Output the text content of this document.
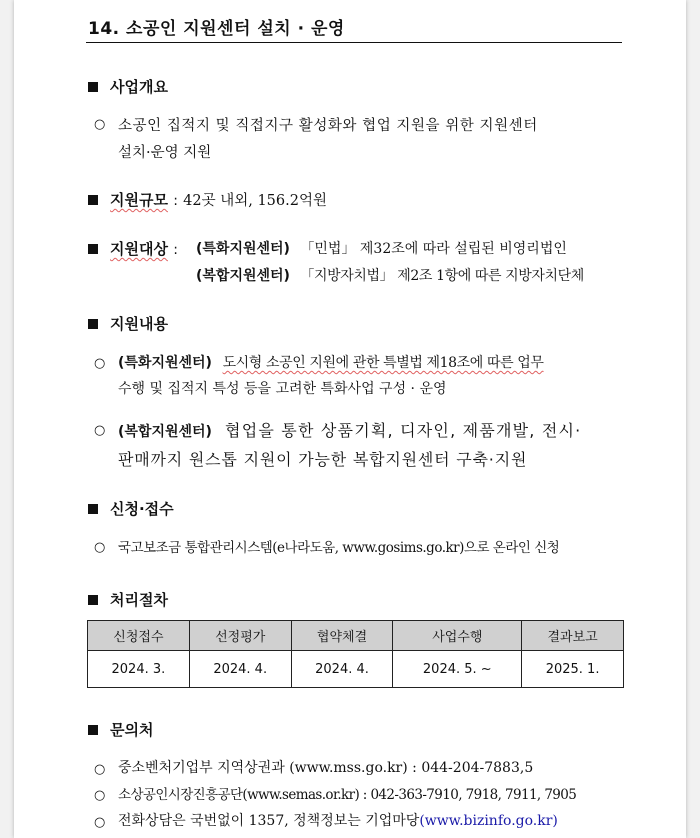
14. 소공인 지원센터 설치 · 운영
사업개요
○ 소공인 집적지 및 직접지구 활성화와 협업 지원을 위한 지원센터
설치·운영 지원
지원규모 : 42곳 내외, 156.2억원
지원대상 : (특화지원센터) 「민법」 제32조에 따라 설립된 비영리법인
(복합지원센터) 「지방자치법」 제2조 1항에 따른 지방자치단체
지원내용
○ (특화지원센터) 도시형 소공인 지원에 관한 특별법 제18조에 따른 업무
수행 및 집적지 특성 등을 고려한 특화사업 구성 · 운영
○ (복합지원센터) 협업을 통한 상품기획, 디자인, 제품개발, 전시·
판매까지 원스톱 지원이 가능한 복합지원센터 구축·지원
신청·접수
○ 국고보조금 통합관리시스템(e나라도움, www.gosims.go.kr)으로 온라인 신청
처리절차
신청접수	선정평가	협약체결	사업수행	결과보고
2024. 3.	2024. 4.	2024. 4.	2024. 5. ~	2025. 1.
문의처
○ 중소벤처기업부 지역상권과 (www.mss.go.kr) : 044-204-7883,5
○ 소상공인시장진흥공단(www.semas.or.kr) : 042-363-7910, 7918, 7911, 7905
○ 전화상담은 국번없이 1357, 정책정보는 기업마당(www.bizinfo.go.kr)
